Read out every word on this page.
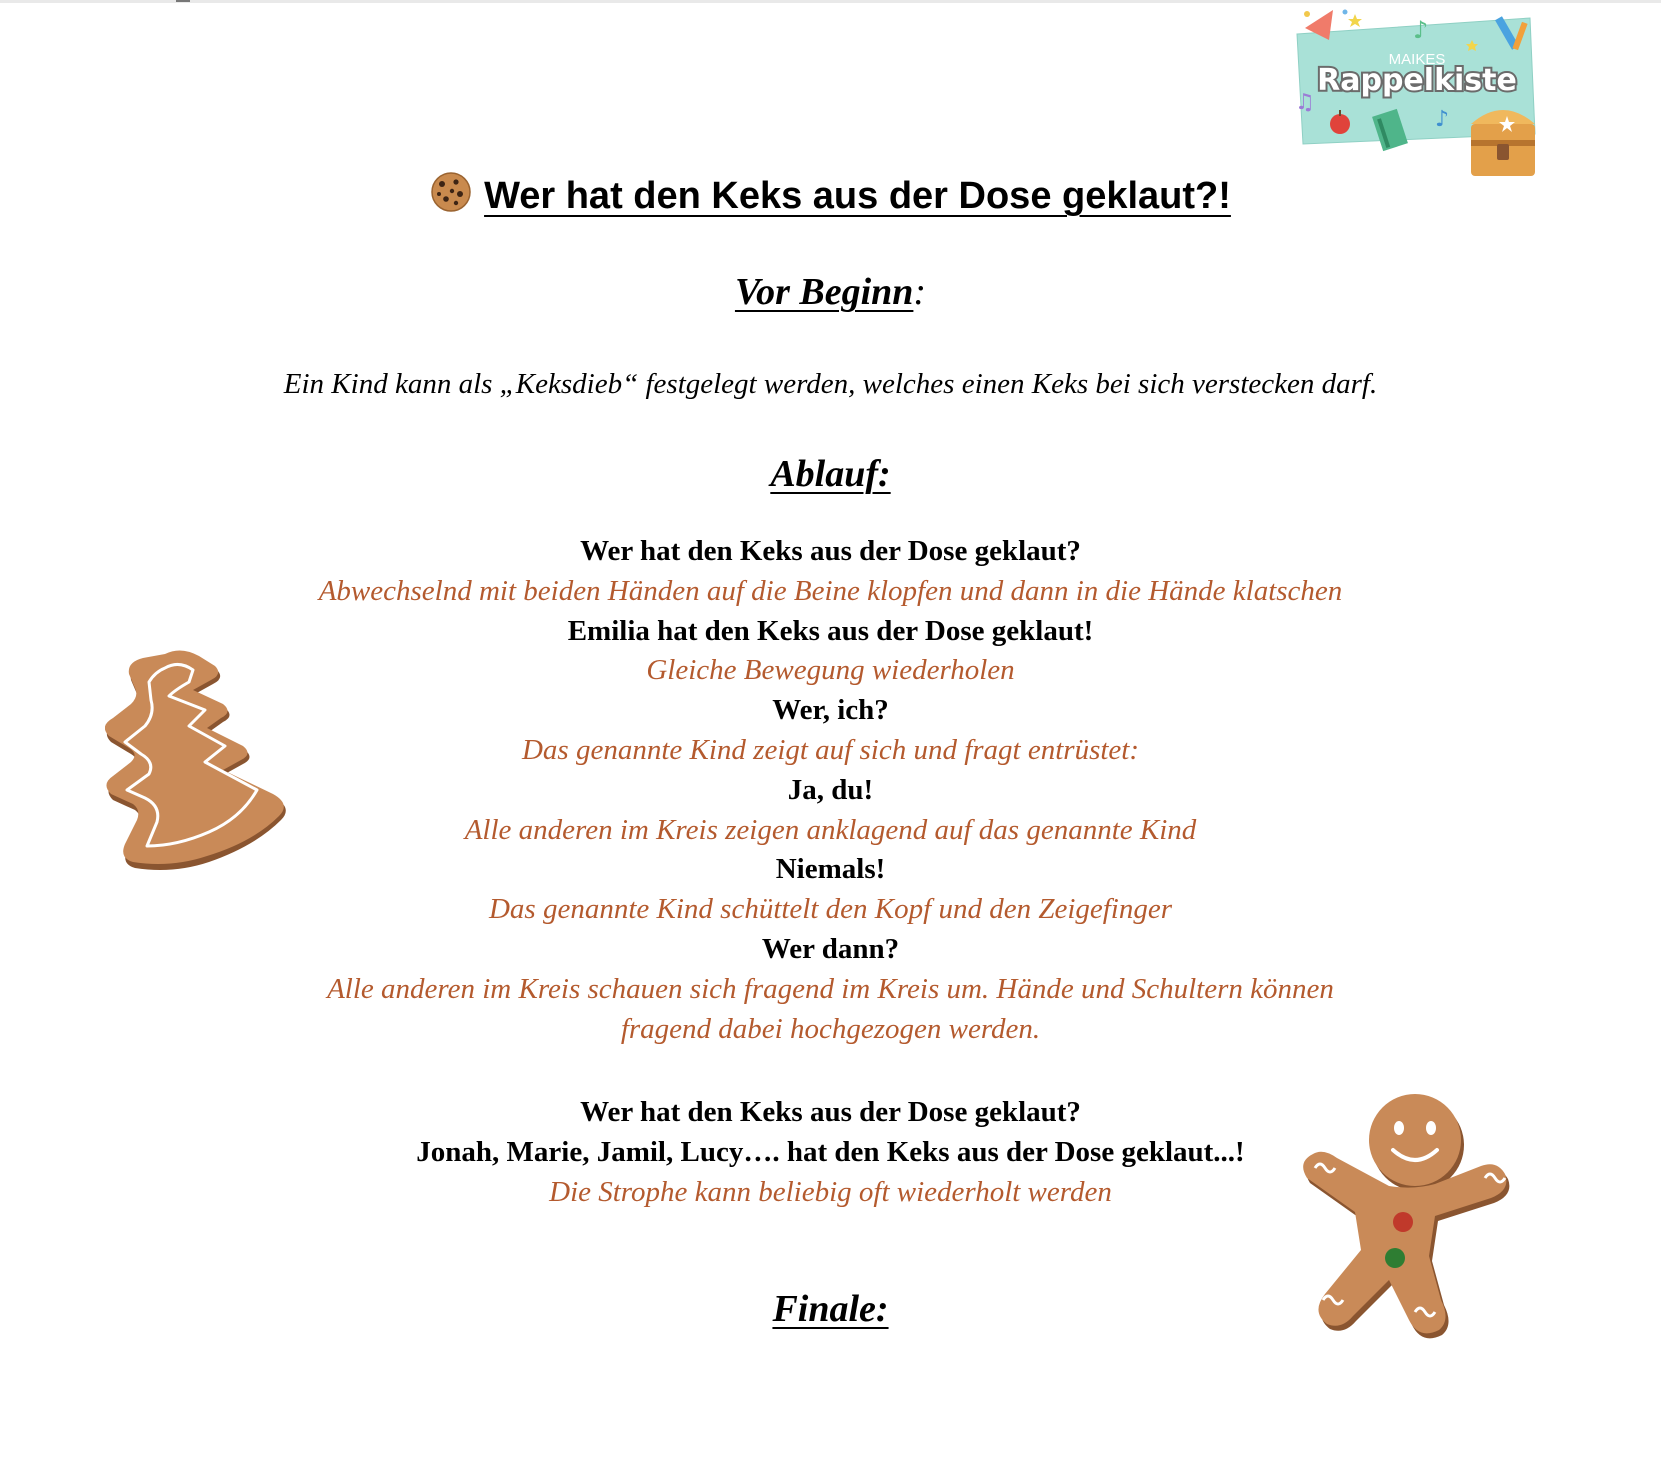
♪
♫
♪
MAIKES
Rappelkiste
Wer hat den Keks aus der Dose geklaut?!
Vor Beginn:
Ein Kind kann als „Keksdieb“ festgelegt werden, welches einen Keks bei sich verstecken darf.
Ablauf:
Wer hat den Keks aus der Dose geklaut?
Abwechselnd mit beiden Händen auf die Beine klopfen und dann in die Hände klatschen
Emilia hat den Keks aus der Dose geklaut!
Gleiche Bewegung wiederholen
Wer, ich?
Das genannte Kind zeigt auf sich und fragt entrüstet:
Ja, du!
Alle anderen im Kreis zeigen anklagend auf das genannte Kind
Niemals!
Das genannte Kind schüttelt den Kopf und den Zeigefinger
Wer dann?
Alle anderen im Kreis schauen sich fragend im Kreis um. Hände und Schultern können
fragend dabei hochgezogen werden.
Wer hat den Keks aus der Dose geklaut?
Jonah, Marie, Jamil, Lucy…. hat den Keks aus der Dose geklaut...!
Die Strophe kann beliebig oft wiederholt werden
Finale:
